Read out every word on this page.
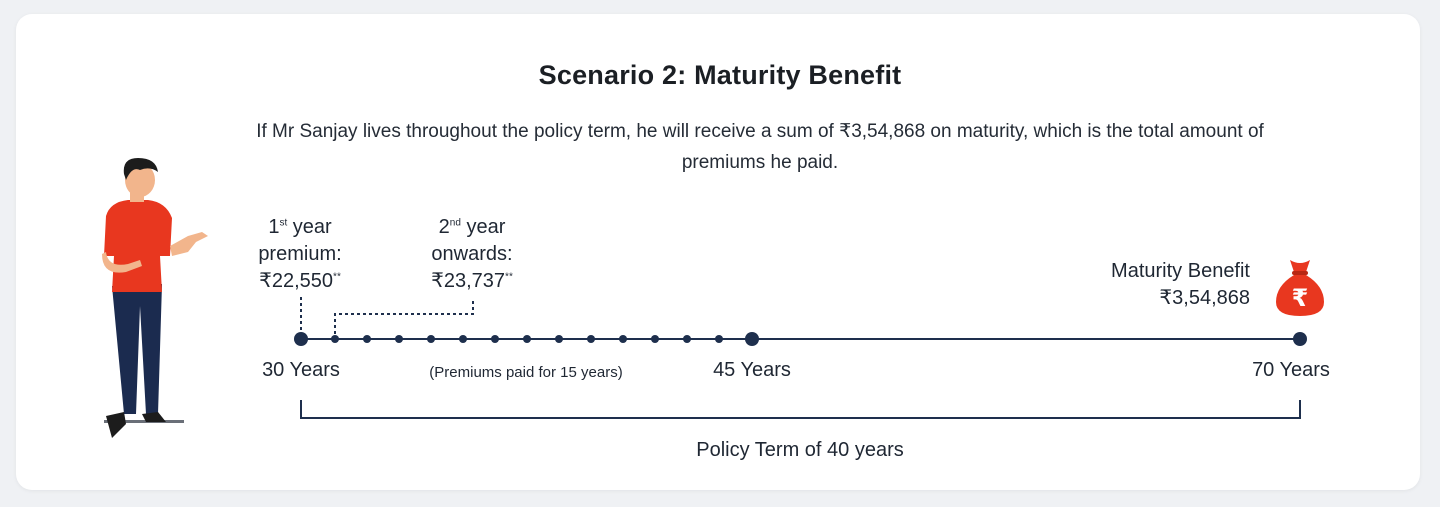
Scenario 2: Maturity Benefit
If Mr Sanjay lives throughout the policy term, he will receive a sum of ₹3,54,868 on maturity, which is the total amount of premiums he paid.
1st year
premium:
₹22,550**
2nd year
onwards:
₹23,737**	Maturity Benefit
₹3,54,868 ₹
30 Years	(Premiums paid for 15 years)	45 Years	70 Years
Policy Term of 40 years
